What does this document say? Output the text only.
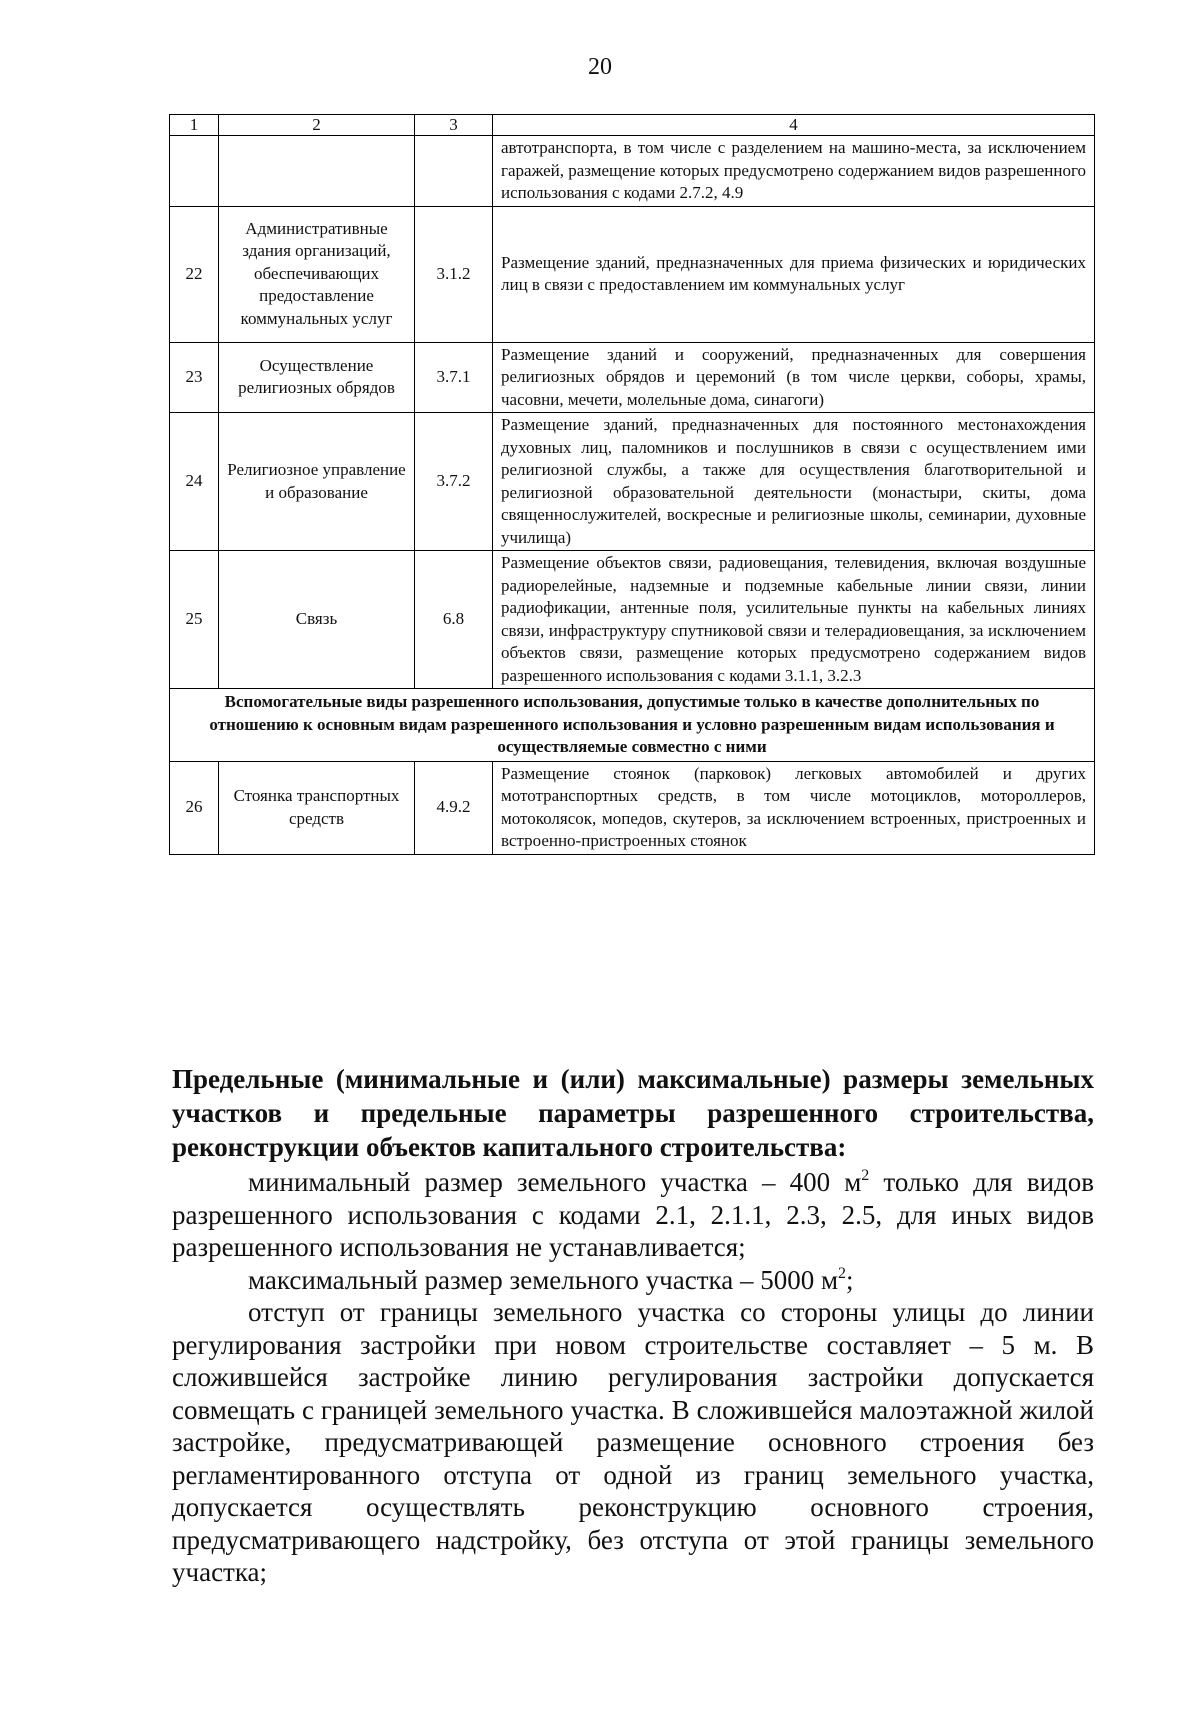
20
1	2	3	4
			автотранспорта, в том числе с разделением на машино-места, за исключением гаражей, размещение которых предусмотрено содержанием видов разрешенного использования с кодами 2.7.2, 4.9
22	Административные здания организаций, обеспечивающих предоставление коммунальных услуг	3.1.2	Размещение зданий, предназначенных для приема физических и юридических лиц в связи с предоставлением им коммунальных услуг
23	Осуществление религиозных обрядов	3.7.1	Размещение зданий и сооружений, предназначенных для совершения религиозных обрядов и церемоний (в том числе церкви, соборы, храмы, часовни, мечети, молельные дома, синагоги)
24	Религиозное управление и образование	3.7.2	Размещение зданий, предназначенных для постоянного местонахождения духовных лиц, паломников и послушников в связи с осуществлением ими религиозной службы, а также для осуществления благотворительной и религиозной образовательной деятельности (монастыри, скиты, дома священнослужителей, воскресные и религиозные школы, семинарии, духовные училища)
25	Связь	6.8	Размещение объектов связи, радиовещания, телевидения, включая воздушные радиорелейные, надземные и подземные кабельные линии связи, линии радиофикации, антенные поля, усилительные пункты на кабельных линиях связи, инфраструктуру спутниковой связи и телерадиовещания, за исключением объектов связи, размещение которых предусмотрено содержанием видов разрешенного использования с кодами 3.1.1, 3.2.3
Вспомогательные виды разрешенного использования, допустимые только в качестве дополнительных по отношению к основным видам разрешенного использования и условно разрешенным видам использования и осуществляемые совместно с ними			
26	Стоянка транспортных средств	4.9.2	Размещение стоянок (парковок) легковых автомобилей и других мототранспортных средств, в том числе мотоциклов, мотороллеров, мотоколясок, мопедов, скутеров, за исключением встроенных, пристроенных и встроенно-пристроенных стоянок
Предельные (минимальные и (или) максимальные) размеры земельных участков и предельные параметры разрешенного строительства, реконструкции объектов капитального строительства:

минимальный размер земельного участка – 400 $м^2$ только для видов разрешенного использования с кодами 2.1, 2.1.1, 2.3, 2.5, для иных видов разрешенного использования не устанавливается;

максимальный размер земельного участка – 5000 $м^2$;

отступ от границы земельного участка со стороны улицы до линии регулирования застройки при новом строительстве составляет – 5 м. В сложившейся застройке линию регулирования застройки допускается совмещать с границей земельного участка. В сложившейся малоэтажной жилой застройке, предусматривающей размещение основного строения без регламентированного отступа от одной из границ земельного участка, допускается осуществлять реконструкцию основного строения, предусматривающего надстройку, без отступа от этой границы земельного участка;
